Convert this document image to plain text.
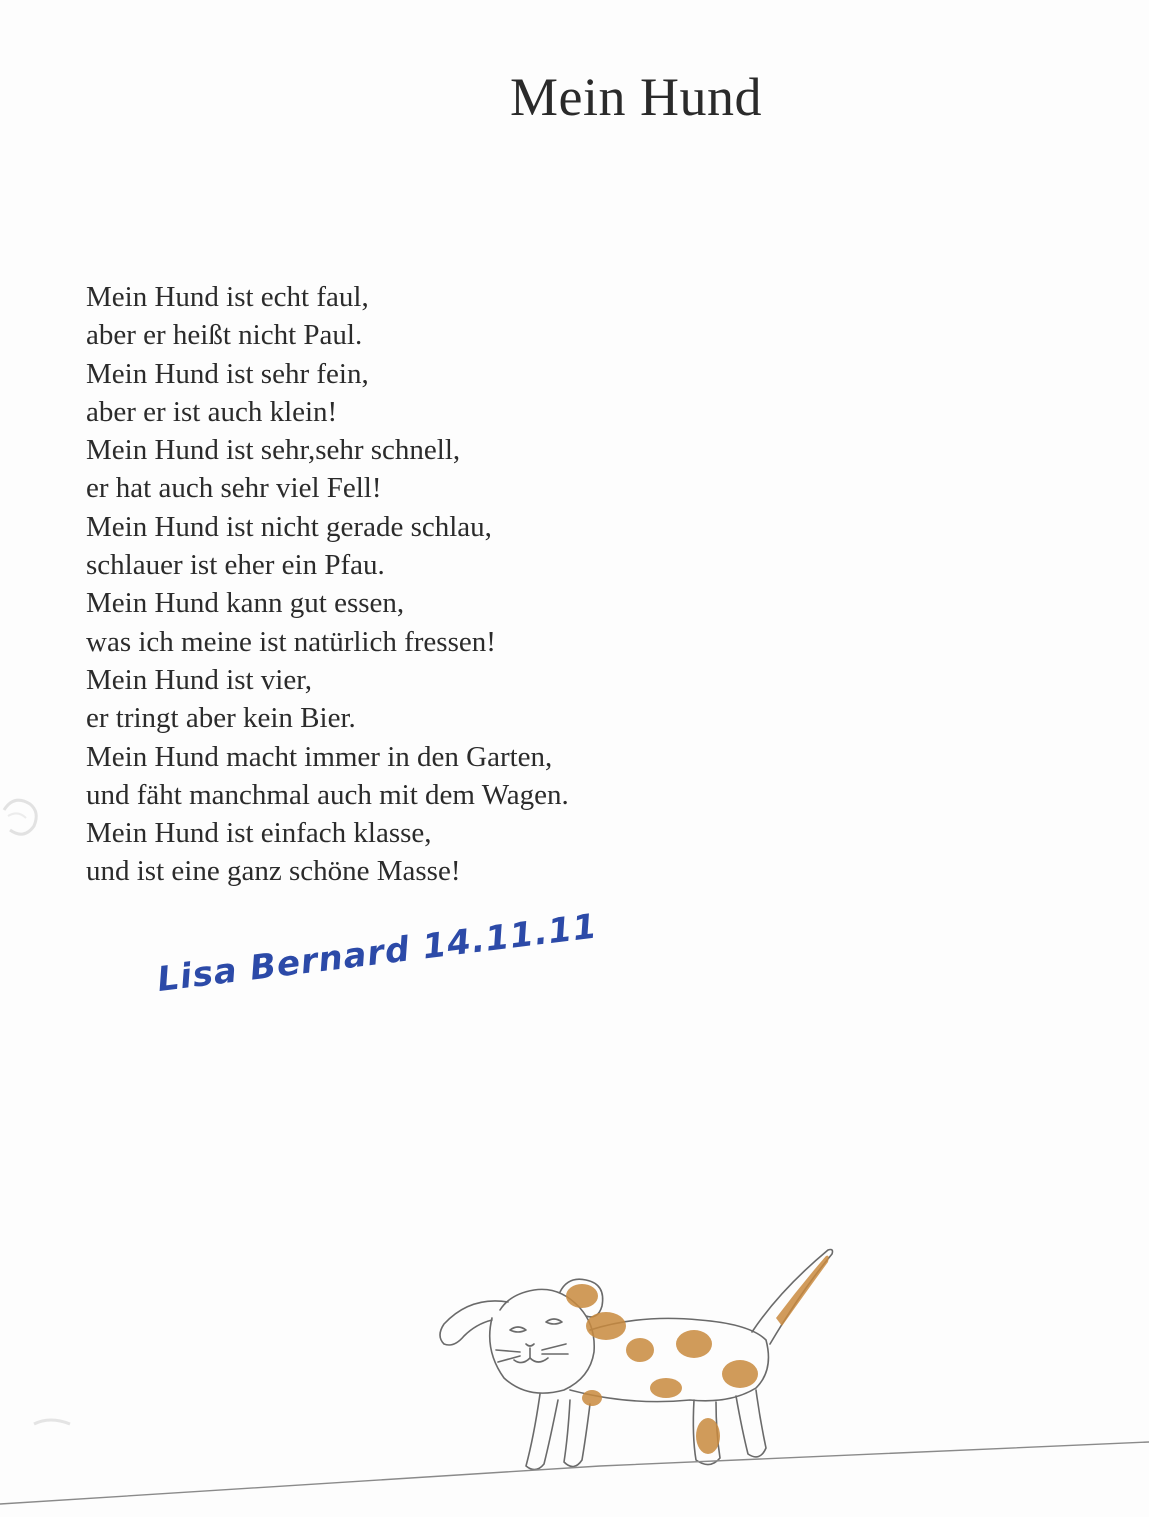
Mein Hund
Mein Hund ist echt faul,
aber er heißt nicht Paul.
Mein Hund ist sehr fein,
aber er ist auch klein!
Mein Hund ist sehr,sehr schnell,
er hat auch sehr viel Fell!
Mein Hund ist nicht gerade schlau,
schlauer ist eher ein Pfau.
Mein Hund kann gut essen,
was ich meine ist natürlich fressen!
Mein Hund ist vier,
er tringt aber kein Bier.
Mein Hund macht immer in den Garten,
und fäht manchmal auch mit dem Wagen.
Mein Hund ist einfach klasse,
und ist eine ganz schöne Masse!
Lisa Bernard 14.11.11
